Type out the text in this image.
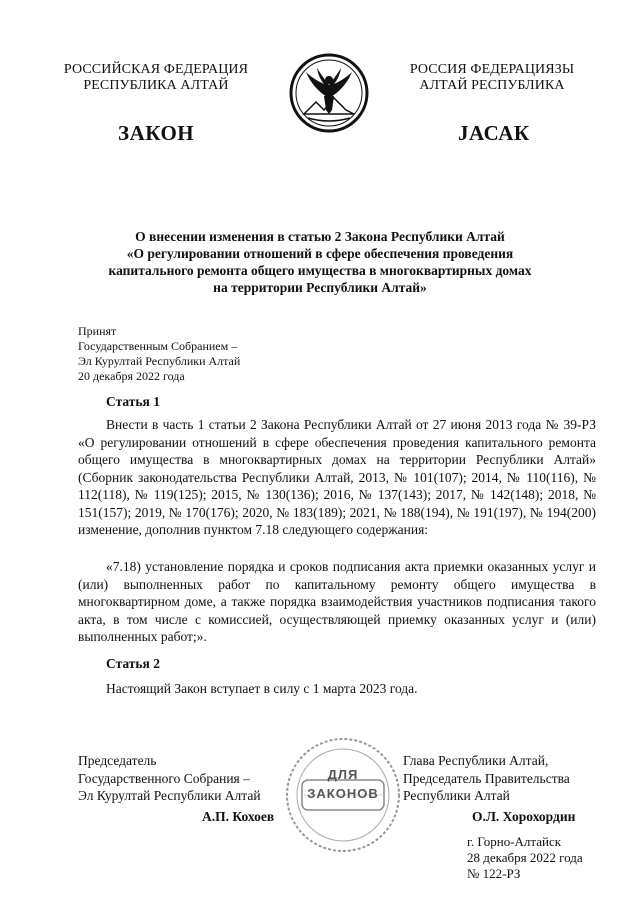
РОССИЙСКАЯ ФЕДЕРАЦИЯ
РЕСПУБЛИКА АЛТАЙ
РОССИЯ ФЕДЕРАЦИЯЗЫ
АЛТАЙ РЕСПУБЛИКА
ЗАКОН	ЈАСАК
О внесении изменения в статью 2 Закона Республики Алтай
«О регулировании отношений в сфере обеспечения проведения
капитального ремонта общего имущества в многоквартирных домах
на территории Республики Алтай»
Принят
Государственным Собранием –
Эл Курултай Республики Алтай
20 декабря 2022 года
Статья 1
Внести в часть 1 статьи 2 Закона Республики Алтай от 27 июня 2013 года № 39-РЗ «О регулировании отношений в сфере обеспечения проведения капитального ремонта общего имущества в многоквартирных домах на территории Республики Алтай» (Сборник законодательства Республики Алтай, 2013, № 101(107); 2014, № 110(116), № 112(118), № 119(125); 2015, № 130(136); 2016, № 137(143); 2017, № 142(148); 2018, № 151(157); 2019, № 170(176); 2020, № 183(189); 2021, № 188(194), № 191(197), № 194(200) изменение, дополнив пунктом 7.18 следующего содержания:
«7.18) установление порядка и сроков подписания акта приемки оказанных услуг и (или) выполненных работ по капитальному ремонту общего имущества в многоквартирном доме, а также порядка взаимодействия участников подписания такого акта, в том числе с комиссией, осуществляющей приемку оказанных услуг и (или) выполненных работ;».
Статья 2
Настоящий Закон вступает в силу с 1 марта 2023 года.
ДЛЯ
ЗАКОНОВ
Председатель
Государственного Собрания –
Эл Курултай Республики Алтай
А.П. Кохоев
Глава Республики Алтай,
Председатель Правительства
Республики Алтай
О.Л. Хорохордин
г. Горно-Алтайск
28 декабря 2022 года
№ 122-РЗ
